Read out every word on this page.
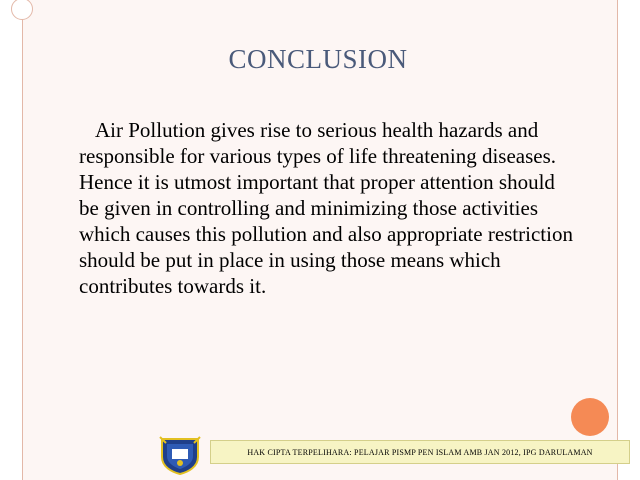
CONCLUSION

Air Pollution gives rise to serious health hazards and responsible for various types of life threatening diseases. Hence it is utmost important that proper attention should be given in controlling and minimizing those activities which causes this pollution and also appropriate restriction should be put in place in using those means which contributes towards it.

HAK CIPTA TERPELIHARA: PELAJAR PISMP PEN ISLAM AMB JAN 2012, IPG DARULAMAN
